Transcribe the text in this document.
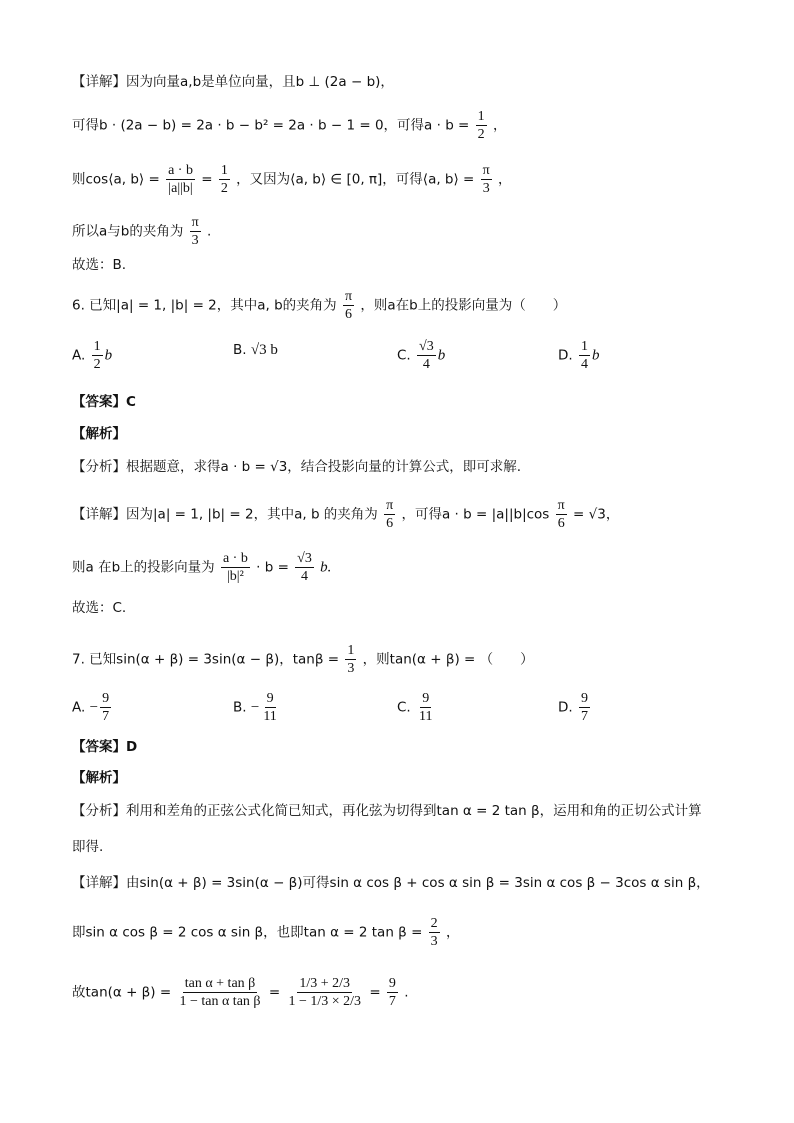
【详解】因为向量a,b是单位向量，且b ⊥ (2a − b)，
可得b · (2a − b) = 2a · b − b² = 2a · b − 1 = 0，可得$a \cdot b = \frac{1}{2}$ ，
则cos⟨a, b⟩ = $\frac{a \cdot b}{|a||b|} = \frac{1}{2}$ ，又因为⟨a, b⟩ ∈ [0, π]，可得⟨a, b⟩ = $\frac{\pi}{3}$ ，
所以a与b的夹角为 $\frac{\pi}{3}$ .
故选：B.
6. 已知|a| = 1, |b| = 2，其中a, b的夹角为 $\frac{\pi}{6}$ ，则a在b上的投影向量为（　　）
A. $\frac{1}{2}$ b	B. √3 b	C. $\frac{√3}{4}$ b	D. $\frac{1}{4}$ b
【答案】C
【解析】
【分析】根据题意，求得a · b = √3，结合投影向量的计算公式，即可求解.
【详解】因为|a| = 1, |b| = 2，其中a, b 的夹角为 $\frac{\pi}{6}$ ，可得$a \cdot b = |a||b|\cos \frac{\pi}{6} = √3$，
则a 在b上的投影向量为 $\frac{a \cdot b}{\text{|b|²}} \cdot b = \frac{√3}{4} b$.
故选：C.
7. 已知sin(α + β) = 3sin(α − β)，$\tan\beta = \frac{1}{3}$ ，则tan(α + β) = （　　）
A. − $\frac{9}{7}$	B. − $\frac{9}{11}$	C. $\frac{9}{11}$	D. $\frac{9}{7}$
【答案】D
【解析】
【分析】利用和差角的正弦公式化简已知式，再化弦为切得到tan α = 2 tan β，运用和角的正切公式计算
即得.
【详解】由sin(α + β) = 3sin(α − β)可得sin α cos β + cos α sin β = 3sin α cos β − 3cos α sin β，
即sin α cos β = 2 cos α sin β，也即tan α = 2 $\tan \beta = \frac{2}{3}$ ，
故$\tan(\alpha + \beta) = \frac{\text{tan α + tan β}}{\text{1 − tan α tan β}} = \frac{1/3 + 2/3}{1 - 1/3 \times 2/3} = \frac{9}{7}$ .
